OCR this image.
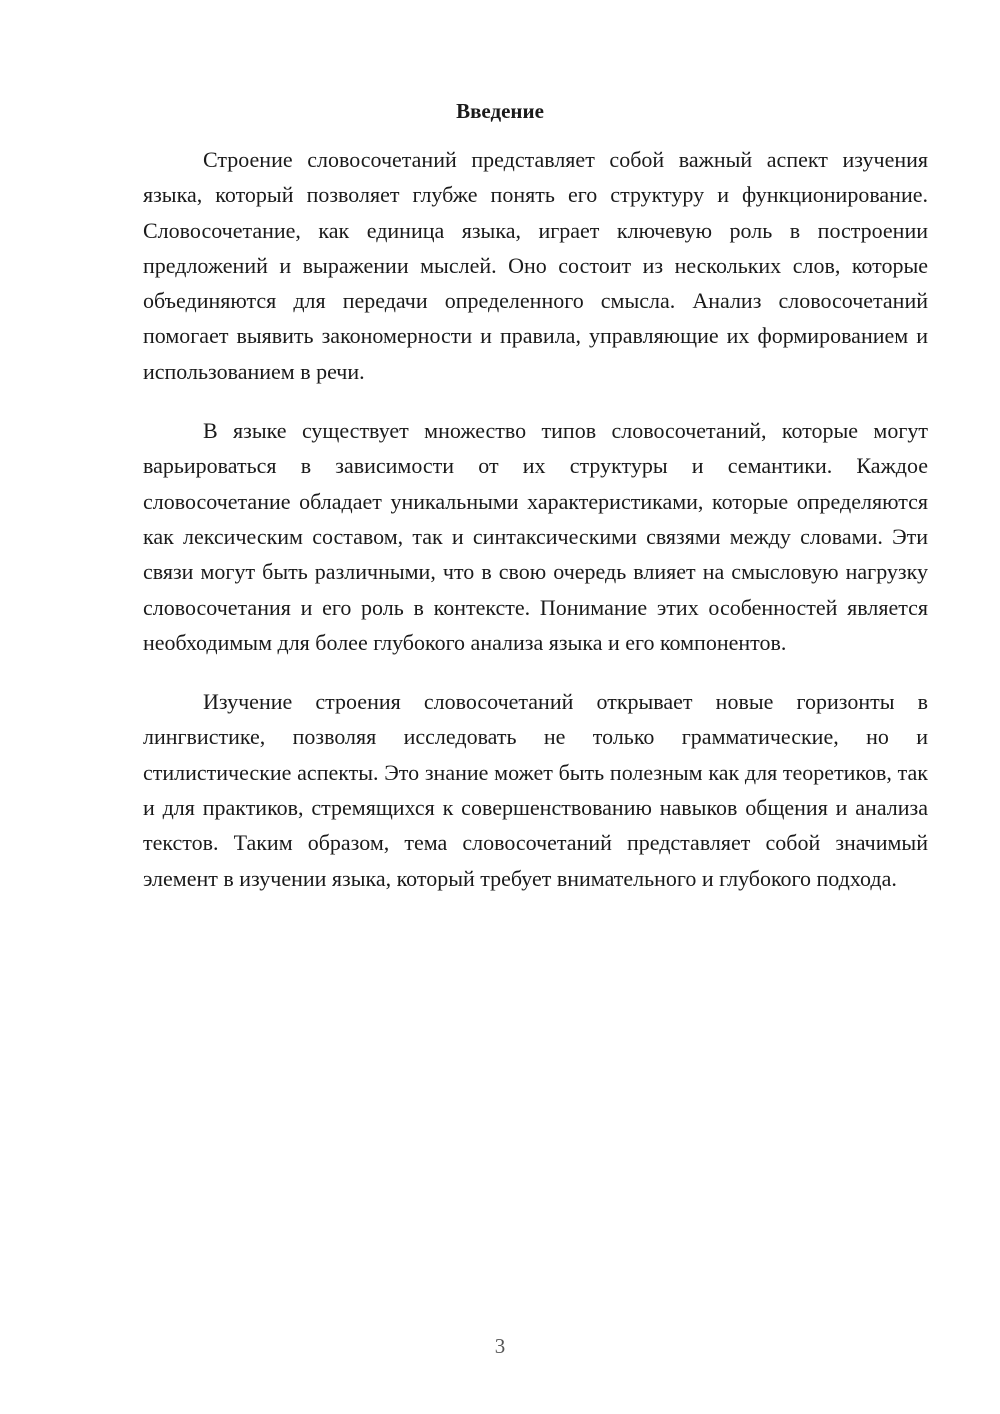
Введение

Строение словосочетаний представляет собой важный аспект изучения языка, который позволяет глубже понять его структуру и функционирование. Словосочетание, как единица языка, играет ключевую роль в построении предложений и выражении мыслей. Оно состоит из нескольких слов, которые объединяются для передачи определенного смысла. Анализ словосочетаний помогает выявить закономерности и правила, управляющие их формированием и использованием в речи.

В языке существует множество типов словосочетаний, которые могут варьироваться в зависимости от их структуры и семантики. Каждое словосочетание обладает уникальными характеристиками, которые определяются как лексическим составом, так и синтаксическими связями между словами. Эти связи могут быть различными, что в свою очередь влияет на смысловую нагрузку словосочетания и его роль в контексте. Понимание этих особенностей является необходимым для более глубокого анализа языка и его компонентов.

Изучение строения словосочетаний открывает новые горизонты в лингвистике, позволяя исследовать не только грамматические, но и стилистические аспекты. Это знание может быть полезным как для теоретиков, так и для практиков, стремящихся к совершенствованию навыков общения и анализа текстов. Таким образом, тема словосочетаний представляет собой значимый элемент в изучении языка, который требует внимательного и глубокого подхода.

3
